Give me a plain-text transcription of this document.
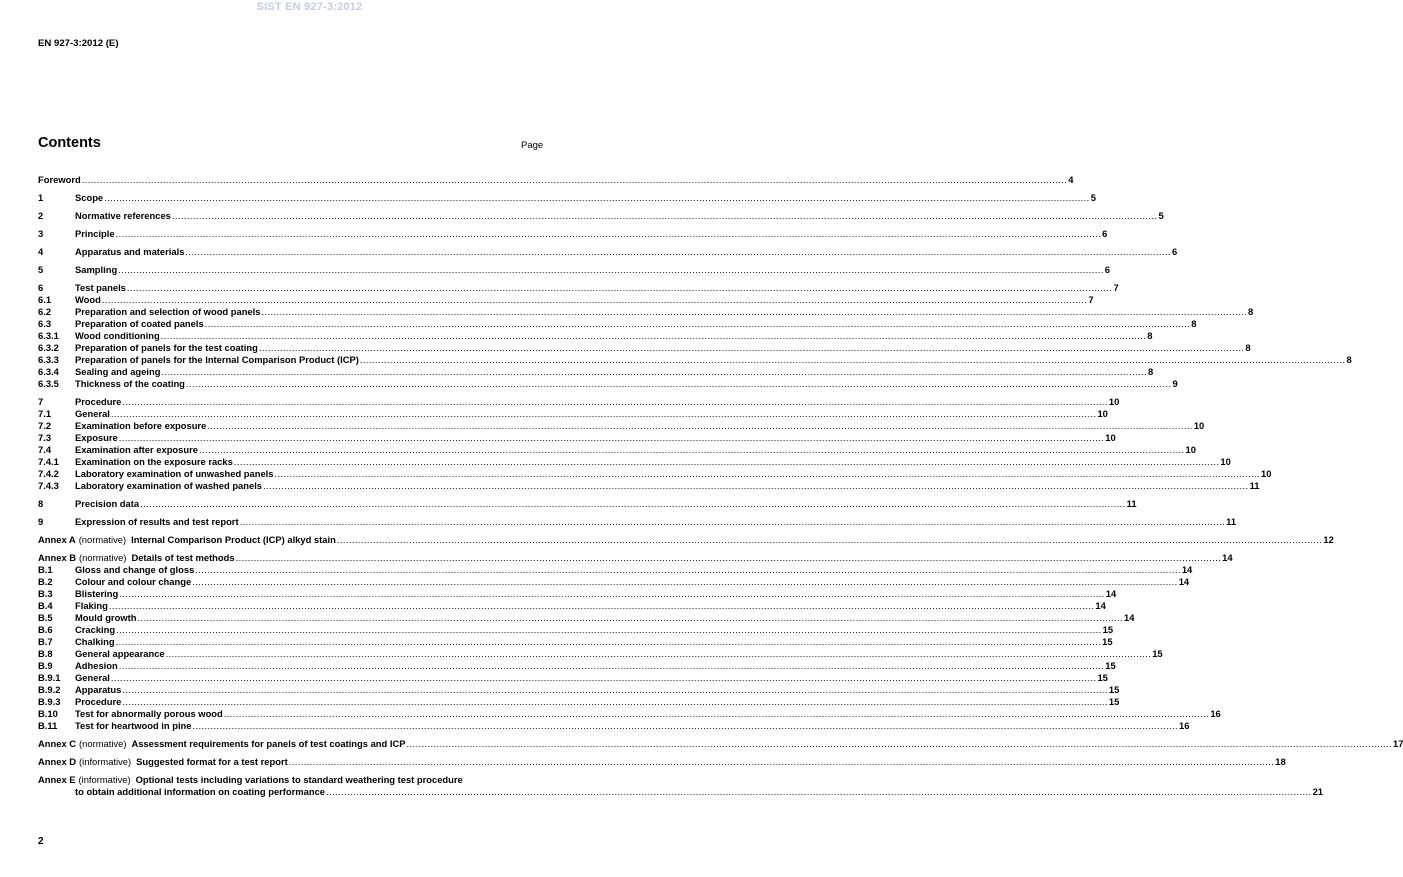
SIST EN 927-3:2012
EN 927-3:2012 (E)
Contents	Page
Foreword .....	4
1	Scope .....	5
2	Normative references .....	5
3	Principle .....	6
4	Apparatus and materials .....	6
5	Sampling .....	6
6	Test panels .....	7
6.1	Wood .....	7
6.2	Preparation and selection of wood panels .....	8
6.3	Preparation of coated panels .....	8
6.3.1	Wood conditioning .....	8
6.3.2	Preparation of panels for the test coating .....	8
6.3.3	Preparation of panels for the Internal Comparison Product (ICP) .....	8
6.3.4	Sealing and ageing .....	8
6.3.5	Thickness of the coating .....	9
7	Procedure .....	10
7.1	General .....	10
7.2	Examination before exposure .....	10
7.3	Exposure .....	10
7.4	Examination after exposure .....	10
7.4.1	Examination on the exposure racks .....	10
7.4.2	Laboratory examination of unwashed panels .....	10
7.4.3	Laboratory examination of washed panels .....	11
8	Precision data .....	11
9	Expression of results and test report .....	11
Annex A (normative) Internal Comparison Product (ICP) alkyd stain .....	12
Annex B (normative) Details of test methods .....	14
B.1	Gloss and change of gloss .....	14
B.2	Colour and colour change .....	14
B.3	Blistering .....	14
B.4	Flaking .....	14
B.5	Mould growth .....	14
B.6	Cracking .....	15
B.7	Chalking .....	15
B.8	General appearance .....	15
B.9	Adhesion .....	15
B.9.1	General .....	15
B.9.2	Apparatus .....	15
B.9.3	Procedure .....	15
B.10	Test for abnormally porous wood .....	16
B.11	Test for heartwood in pine .....	16
Annex C (normative) Assessment requirements for panels of test coatings and ICP .....	17
Annex D (informative) Suggested format for a test report .....	18
Annex E (informative) Optional tests including variations to standard weathering test procedure
to obtain additional information on coating performance .....	21
2
